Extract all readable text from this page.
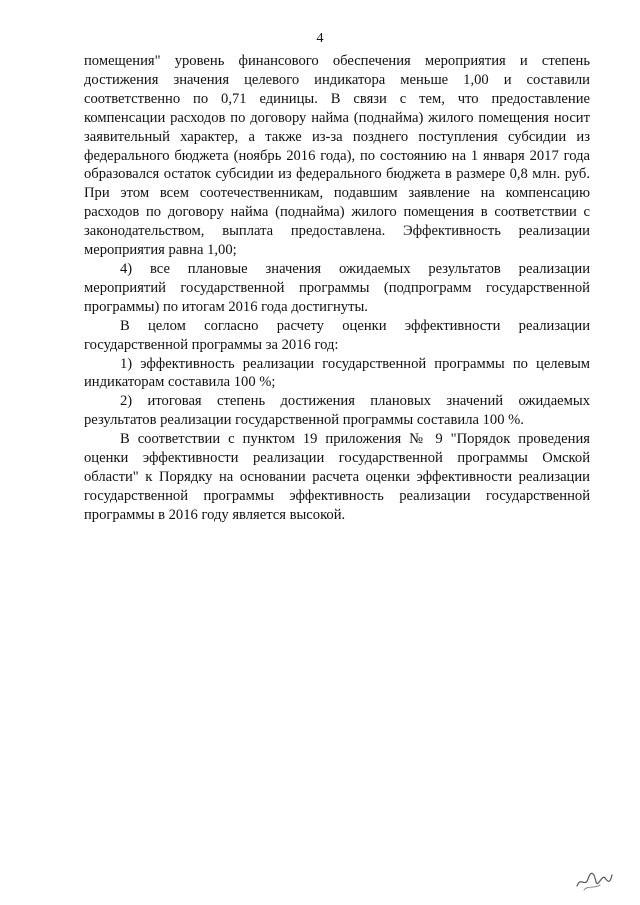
4

помещения" уровень финансового обеспечения мероприятия и степень достижения значения целевого индикатора меньше 1,00 и составили соответственно по 0,71 единицы. В связи с тем, что предоставление компенсации расходов по договору найма (поднайма) жилого помещения носит заявительный характер, а также из-за позднего поступления субсидии из федерального бюджета (ноябрь 2016 года), по состоянию на 1 января 2017 года образовался остаток субсидии из федерального бюджета в размере 0,8 млн. руб. При этом всем соотечественникам, подавшим заявление на компенсацию расходов по договору найма (поднайма) жилого помещения в соответствии с законодательством, выплата предоставлена. Эффективность реализации мероприятия равна 1,00;

4) все плановые значения ожидаемых результатов реализации мероприятий государственной программы (подпрограмм государственной программы) по итогам 2016 года достигнуты.

В целом согласно расчету оценки эффективности реализации государственной программы за 2016 год:

1) эффективность реализации государственной программы по целевым индикаторам составила 100 %;

2) итоговая степень достижения плановых значений ожидаемых результатов реализации государственной программы составила 100 %.

В соответствии с пунктом 19 приложения № 9 "Порядок проведения оценки эффективности реализации государственной программы Омской области" к Порядку на основании расчета оценки эффективности реализации государственной программы эффективность реализации государственной программы в 2016 году является высокой.
